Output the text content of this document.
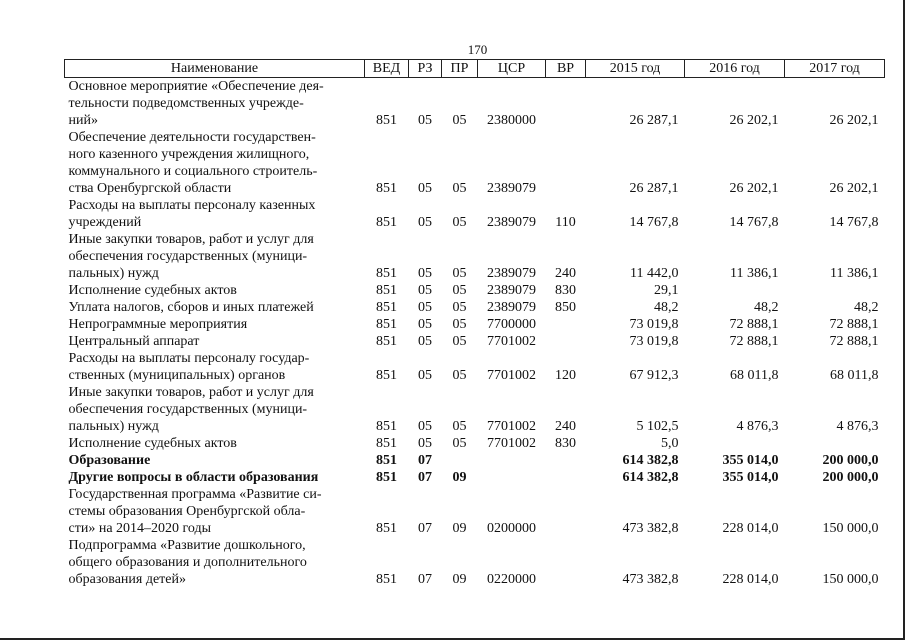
170
Наименование	ВЕД	РЗ	ПР	ЦСР	ВР	2015 год	2016 год	2017 год

Основное мероприятие «Обеспечение дея-
тельности подведомственных учрежде-
ний»	851	05	05	2380000		26 287,1	26 202,1	26 202,1

Обеспечение деятельности государствен-
ного казенного учреждения жилищного,
коммунального и социального строитель-
ства Оренбургской области	851	05	05	2389079		26 287,1	26 202,1	26 202,1

Расходы на выплаты персоналу казенных
учреждений	851	05	05	2389079	110	14 767,8	14 767,8	14 767,8

Иные закупки товаров, работ и услуг для
обеспечения государственных (муници-
пальных) нужд	851	05	05	2389079	240	11 442,0	11 386,1	11 386,1

Исполнение судебных актов	851	05	05	2389079	830	29,1		

Уплата налогов, сборов и иных платежей	851	05	05	2389079	850	48,2	48,2	48,2

Непрограммные мероприятия	851	05	05	7700000		73 019,8	72 888,1	72 888,1

Центральный аппарат	851	05	05	7701002		73 019,8	72 888,1	72 888,1

Расходы на выплаты персоналу государ-
ственных (муниципальных) органов	851	05	05	7701002	120	67 912,3	68 011,8	68 011,8

Иные закупки товаров, работ и услуг для
обеспечения государственных (муници-
пальных) нужд	851	05	05	7701002	240	5 102,5	4 876,3	4 876,3

Исполнение судебных актов	851	05	05	7701002	830	5,0		

Образование	851	07				614 382,8	355 014,0	200 000,0

Другие вопросы в области образования	851	07	09			614 382,8	355 014,0	200 000,0

Государственная программа «Развитие си-
стемы образования Оренбургской обла-
сти» на 2014–2020 годы	851	07	09	0200000		473 382,8	228 014,0	150 000,0

Подпрограмма «Развитие дошкольного,
общего образования и дополнительного
образования детей»	851	07	09	0220000		473 382,8	228 014,0	150 000,0
